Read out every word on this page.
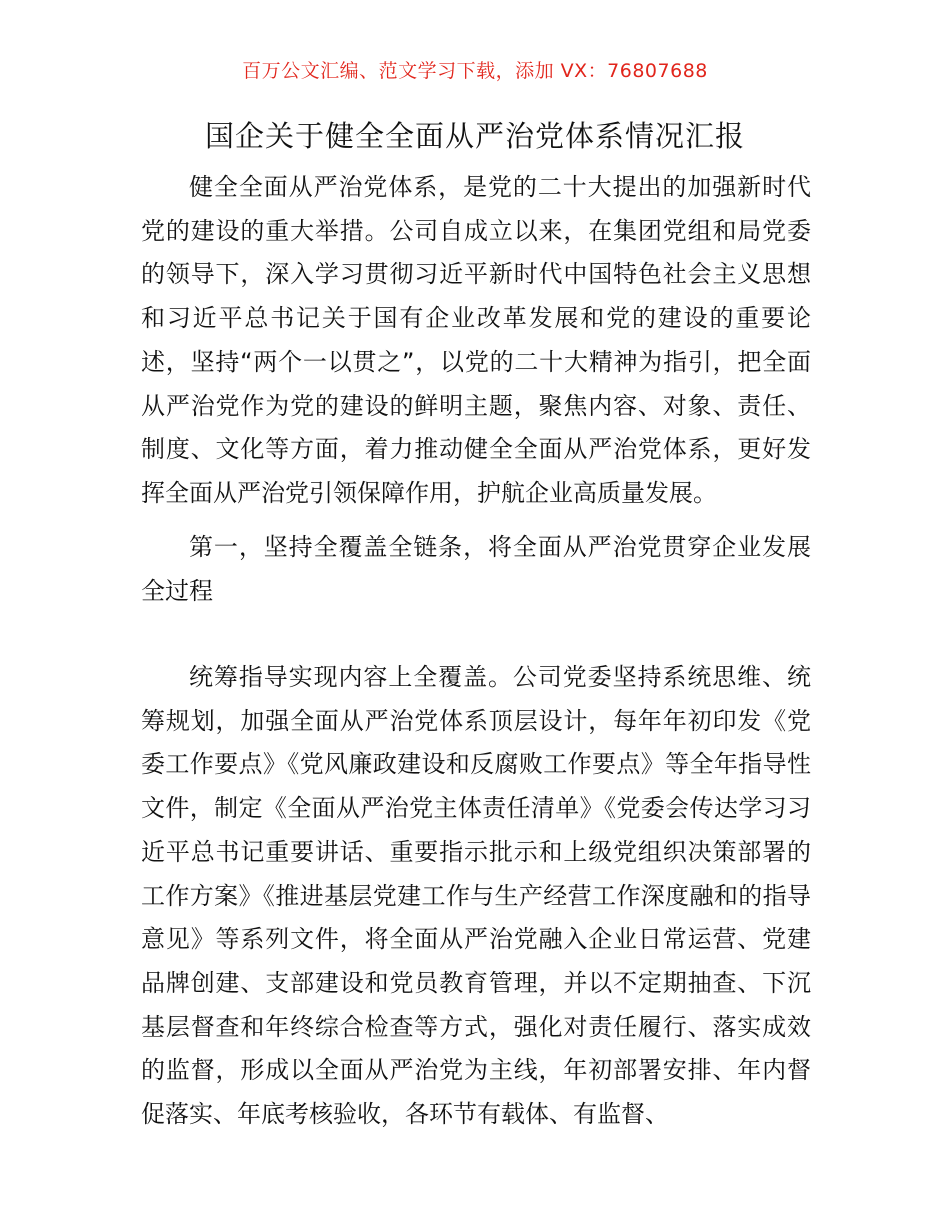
百万公文汇编、范文学习下载，添加 VX：76807688
国企关于健全全面从严治党体系情况汇报

健全全面从严治党体系，是党的二十大提出的加强新时代党的建设的重大举措。公司自成立以来，在集团党组和局党委的领导下，深入学习贯彻习近平新时代中国特色社会主义思想和习近平总书记关于国有企业改革发展和党的建设的重要论述，坚持“两个一以贯之”，以党的二十大精神为指引，把全面从严治党作为党的建设的鲜明主题，聚焦内容、对象、责任、制度、文化等方面，着力推动健全全面从严治党体系，更好发挥全面从严治党引领保障作用，护航企业高质量发展。

第一，坚持全覆盖全链条，将全面从严治党贯穿企业发展全过程

统筹指导实现内容上全覆盖。公司党委坚持系统思维、统筹规划，加强全面从严治党体系顶层设计，每年年初印发《党委工作要点》《党风廉政建设和反腐败工作要点》等全年指导性文件，制定《全面从严治党主体责任清单》《党委会传达学习习近平总书记重要讲话、重要指示批示和上级党组织决策部署的工作方案》《推进基层党建工作与生产经营工作深度融和的指导意见》等系列文件，将全面从严治党融入企业日常运营、党建品牌创建、支部建设和党员教育管理，并以不定期抽查、下沉基层督查和年终综合检查等方式，强化对责任履行、落实成效的监督，形成以全面从严治党为主线，年初部署安排、年内督促落实、年底考核验收，各环节有载体、有监督、
